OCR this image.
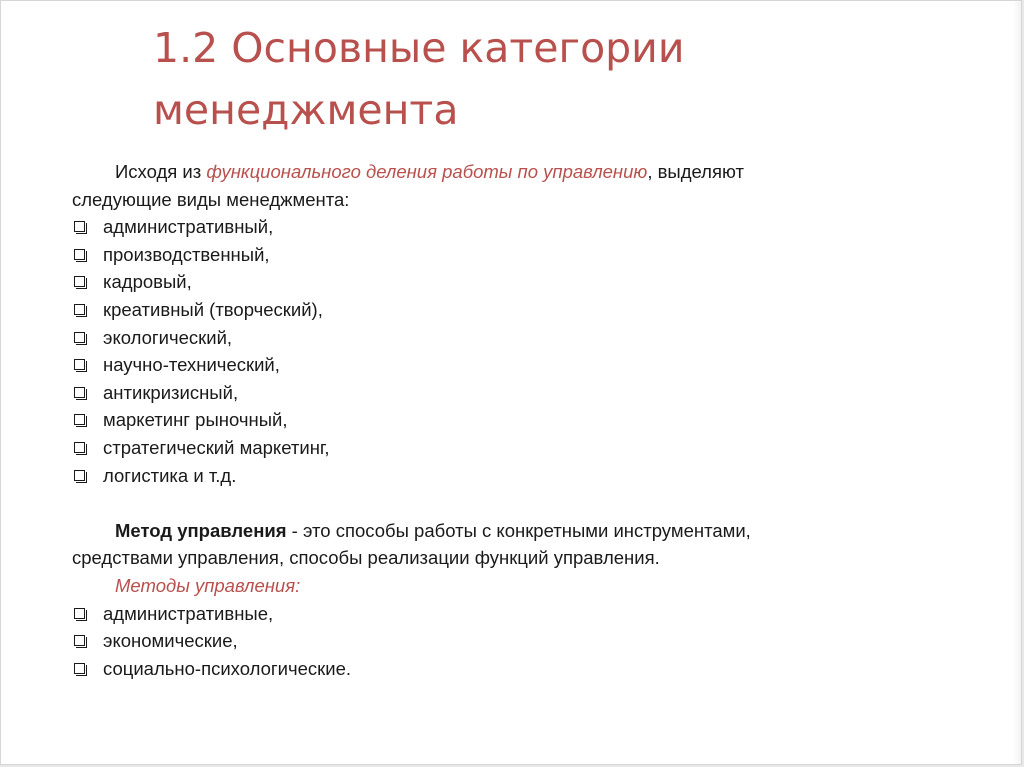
1.2 Основные категории
менеджмента

Исходя из функционального деления работы по управлению, выделяют

следующие виды менеджмента:

административный,
производственный,
кадровый,
креативный (творческий),
экологический,
научно-технический,
антикризисный,
маркетинг рыночный,
стратегический маркетинг,
логистика и т.д.

Метод управления - это способы работы с конкретными инструментами,

средствами управления, способы реализации функций управления.

Методы управления:

административные,
экономические,
социально-психологические.
